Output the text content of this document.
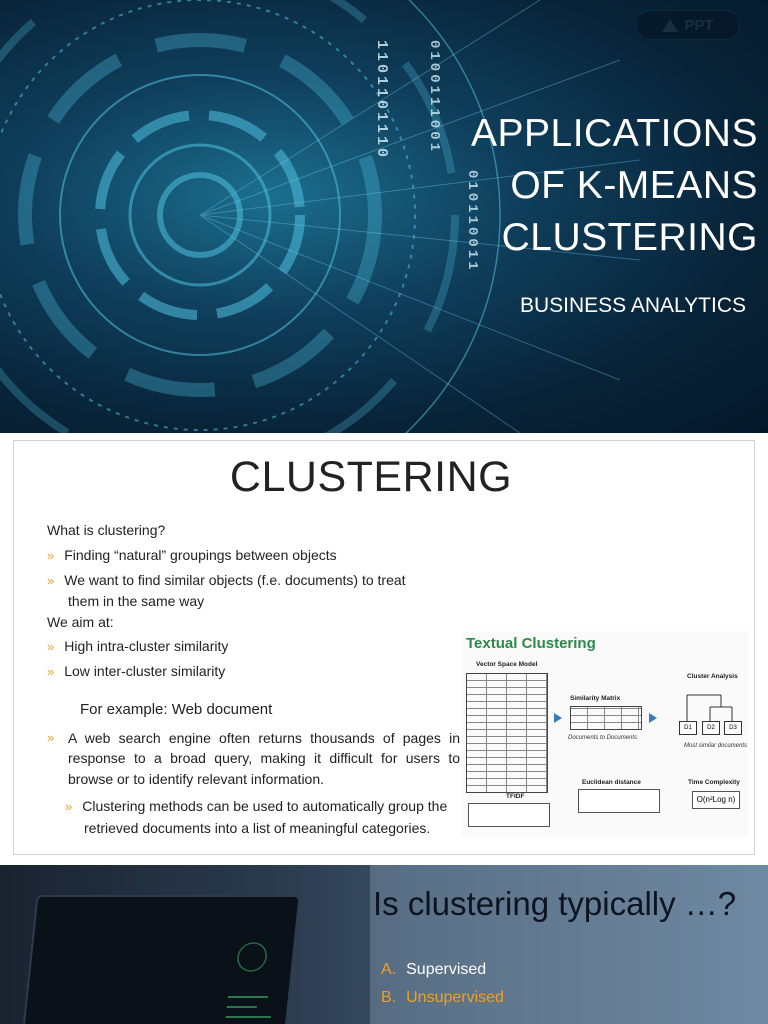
1101101110	0100111001
010110011
PPT
APPLICATIONS
OF K-MEANS
CLUSTERING
BUSINESS ANALYTICS
CLUSTERING
What is clustering?
» Finding “natural” groupings between objects
» We want to find similar objects (f.e. documents) to treat
them in the same way
We aim at:
» High intra-cluster similarity
» Low inter-cluster similarity
For example: Web document
» A web search engine often returns thousands of pages in
response to a broad query, making it difficult for users to
browse or to identify relevant information.
» Clustering methods can be used to automatically group the
retrieved documents into a list of meaningful categories.
Textual Clustering
Vector Space Model
Similarity Matrix
Documents to Documents
Cluster Analysis
D1	D2	D3
Most similar documents
TFIDF
Euclidean distance	Time Complexity
O(n²Log n)
Is clustering typically …?
A. Supervised
B. Unsupervised
